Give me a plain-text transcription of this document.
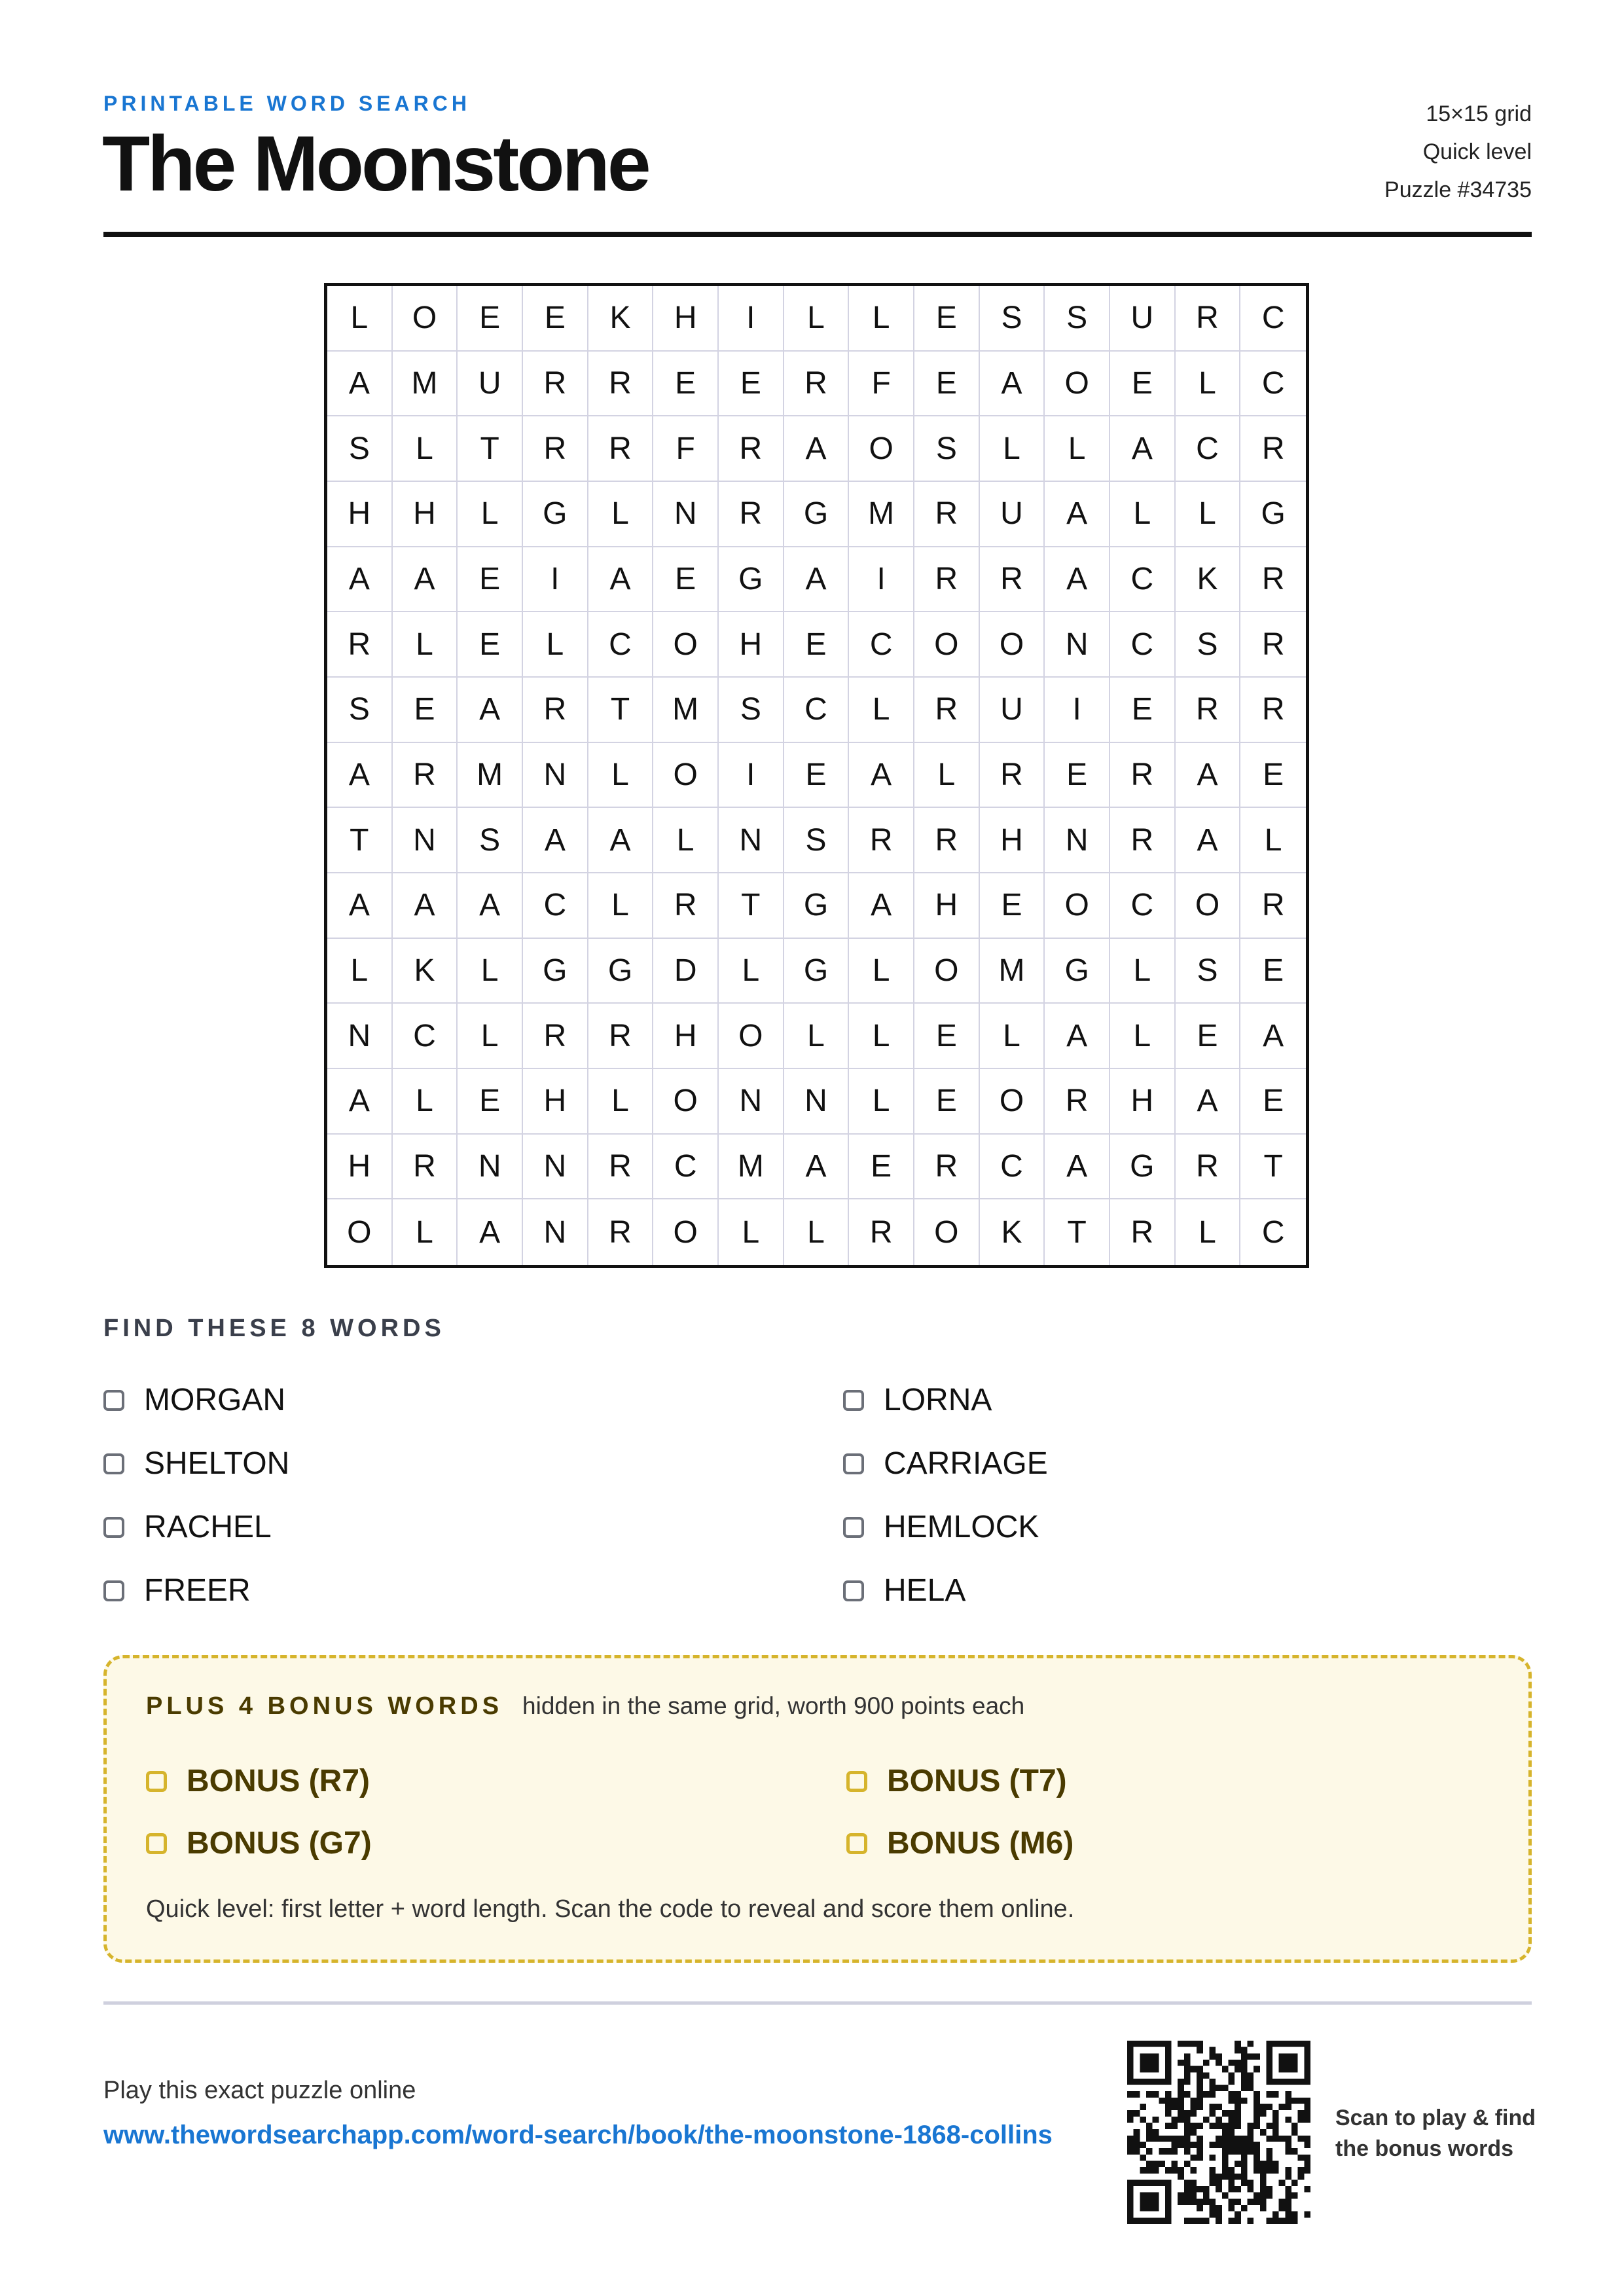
PRINTABLE WORD SEARCH
The Moonstone
15×15 grid
Quick level
Puzzle #34735
L	O	E	E	K	H	I	L	L	E	S	S	U	R	C
A	M	U	R	R	E	E	R	F	E	A	O	E	L	C
S	L	T	R	R	F	R	A	O	S	L	L	A	C	R
H	H	L	G	L	N	R	G	M	R	U	A	L	L	G
A	A	E	I	A	E	G	A	I	R	R	A	C	K	R
R	L	E	L	C	O	H	E	C	O	O	N	C	S	R
S	E	A	R	T	M	S	C	L	R	U	I	E	R	R
A	R	M	N	L	O	I	E	A	L	R	E	R	A	E
T	N	S	A	A	L	N	S	R	R	H	N	R	A	L
A	A	A	C	L	R	T	G	A	H	E	O	C	O	R
L	K	L	G	G	D	L	G	L	O	M	G	L	S	E
N	C	L	R	R	H	O	L	L	E	L	A	L	E	A
A	L	E	H	L	O	N	N	L	E	O	R	H	A	E
H	R	N	N	R	C	M	A	E	R	C	A	G	R	T
O	L	A	N	R	O	L	L	R	O	K	T	R	L	C
FIND THESE 8 WORDS
MORGAN	LORNA
SHELTON	CARRIAGE
RACHEL	HEMLOCK
FREER	HELA
PLUS 4 BONUS WORDS hidden in the same grid, worth 900 points each
BONUS (R7)	BONUS (T7)
BONUS (G7)	BONUS (M6)
Quick level: first letter + word length. Scan the code to reveal and score them online.
Play this exact puzzle online
www.thewordsearchapp.com/word-search/book/the-moonstone-1868-collins
Scan to play & find
the bonus words
